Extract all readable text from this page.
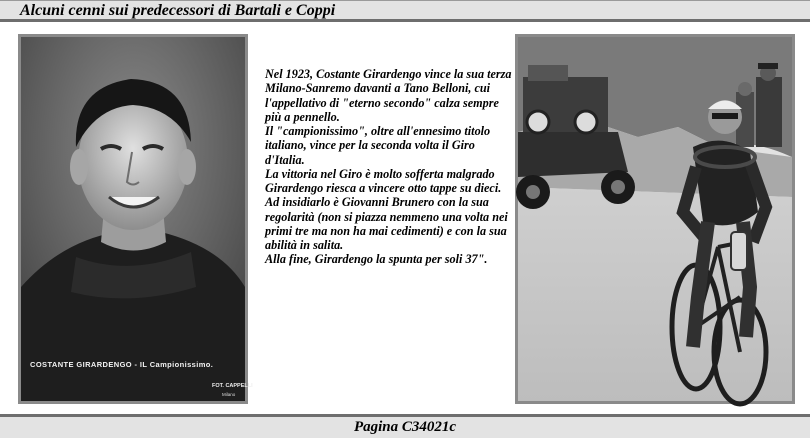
Alcuni cenni sui predecessori di Bartali e Coppi
COSTANTE GIRARDENGO - IL Campionissimo.
FOT. CAPPELLI
Milano

Nel 1923, Costante Girardengo vince la sua terza Milano-Sanremo davanti a Tano Belloni, cui l'appellativo di "eterno secondo" calza sempre più a pennello.

Il "campionissimo", oltre all'ennesimo titolo italiano, vince per la seconda volta il Giro d'Italia.

La vittoria nel Giro è molto sofferta malgrado Girardengo riesca a vincere otto tappe su dieci.

Ad insidiarlo è Giovanni Brunero con la sua regolarità (non si piazza nemmeno una volta nei primi tre ma non ha mai cedimenti) e con la sua abilità in salita.

Alla fine, Girardengo la spunta per soli 37".

Pagina C34021c
